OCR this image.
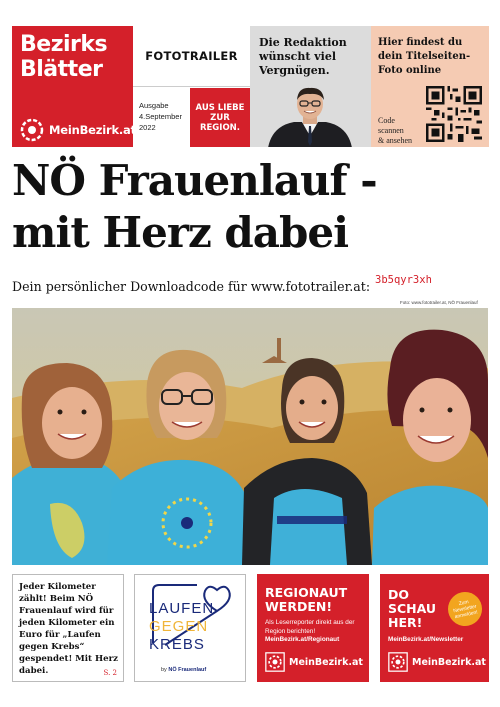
Bezirks
Blätter
MeinBezirk.at
FOTOTRAILER
Ausgabe
4.September
2022
AUS LIEBE
ZUR
REGION.
Die Redaktion
wünscht viel
Vergnügen.
Hier findest du
dein Titelseiten-
Foto online
Code
scannen
& ansehen
NÖ Frauenlauf -
mit Herz dabei
Dein persönlicher Downloadcode für www.fototrailer.at: 3b5qyr3xh
Foto: www.fototrailer.at, NÖ Frauenlauf
Jeder Kilometer zählt! Beim NÖ Frauenlauf wird für jeden Kilometer ein Euro für „Laufen gegen Krebs“ gespendet! Mit Herz dabei.	S. 2
LAUFEN
GEGEN
KREBS
by NÖ Frauenlauf
REGIONAUT
WERDEN!
Als Leserreporter direkt aus der Region berichten!
MeinBezirk.at/Regionaut
MeinBezirk.at
DO
SCHAU
HER!
Zum
Newsletter
anmelden!
MeinBezirk.at/Newsletter
MeinBezirk.at
